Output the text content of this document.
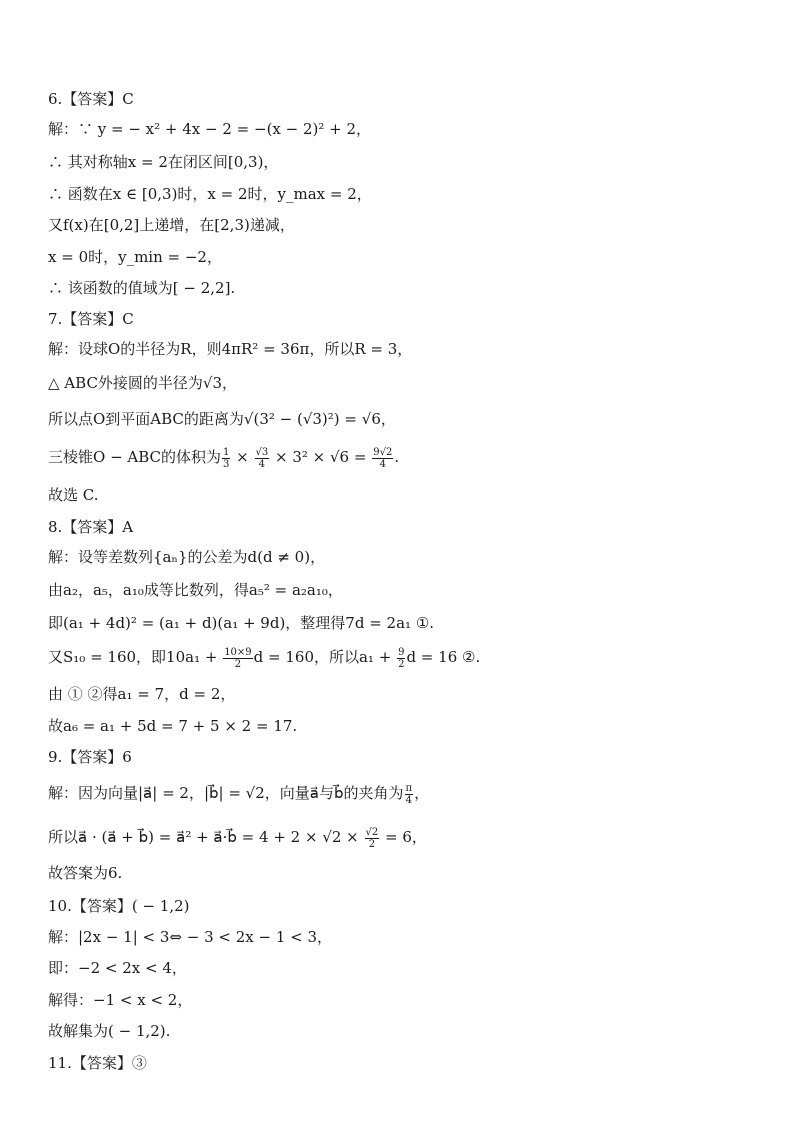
6.【答案】C
解：∵ y = − x² + 4x − 2 = −(x − 2)² + 2，
∴ 其对称轴x = 2在闭区间[0,3)，
∴ 函数在x ∈ [0,3)时，x = 2时，y_max = 2，
又f(x)在[0,2]上递增，在[2,3)递减，
x = 0时，y_min = −2，
∴ 该函数的值域为[ − 2,2].
7.【答案】C
解：设球O的半径为R，则4πR² = 36π，所以R = 3，
△ ABC外接圆的半径为√3，
所以点O到平面ABC的距离为√(3² − (√3)²) = √6，
三棱锥O − ABC的体积为 $\frac{1}{3} \times \frac{√3}{4} \times 3^2 \times √6 = \frac{9√2}{4}$ .
故选 C.
8.【答案】A
解：设等差数列{aₙ}的公差为d(d ≠ 0)，
由a₂，a₅，a₁₀成等比数列，得a₅² = a₂a₁₀，
即(a₁ + 4d)² = (a₁ + d)(a₁ + 9d)，整理得7d = 2a₁ ①.
又S₁₀ = 160，即$10a_1 + \frac{10\times 9}{2}$ d = 160，所以$a_1 + \frac{9}{2}$ d = 16 ②.
由 ① ②得a₁ = 7，d = 2，
故a₆ = a₁ + 5d = 7 + 5 × 2 = 17.
9.【答案】6
解：因为向量|a⃗| = 2，|b⃗| = √2，向量a⃗与b⃗的夹角为 $\frac{\pi}{4}$ ，
所以a⃗ · (a⃗ + b⃗) = a⃗² + a⃗·b⃗ = $4 + 2 \times √2 \times \frac{√2}{2} = 6$，
故答案为6.
10.【答案】( − 1,2)
解：|2x − 1| < 3⇔ − 3 < 2x − 1 < 3，
即：−2 < 2x < 4，
解得：−1 < x < 2，
故解集为( − 1,2).
11.【答案】③
